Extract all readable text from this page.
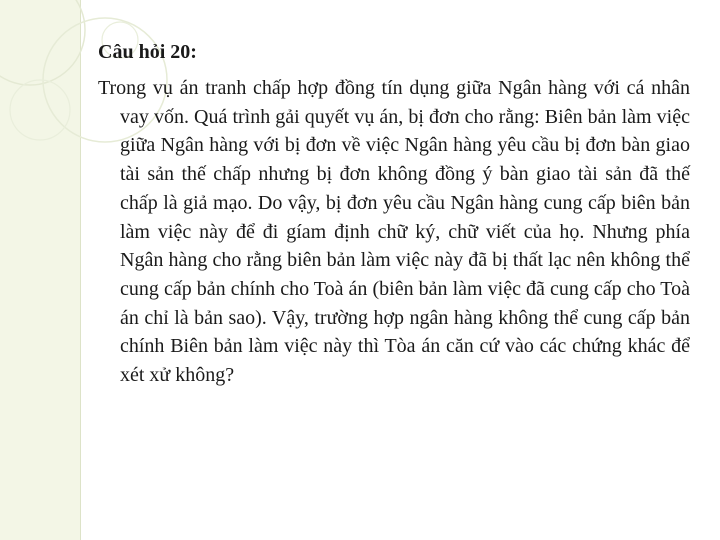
Câu hỏi 20:

Trong vụ án tranh chấp hợp đồng tín dụng giữa Ngân hàng với cá nhân vay vốn. Quá trình gải quyết vụ án, bị đơn cho rằng: Biên bản làm việc giữa Ngân hàng với bị đơn về việc Ngân hàng yêu cầu bị đơn bàn giao tài sản thế chấp nhưng bị đơn không đồng ý bàn giao tài sản đã thế chấp là giả mạo. Do vậy, bị đơn yêu cầu Ngân hàng cung cấp biên bản làm việc này để đi gíam định chữ ký, chữ viết của họ. Nhưng phía Ngân hàng cho rằng biên bản làm việc này đã bị thất lạc nên không thể cung cấp bản chính cho Toà án (biên bản làm việc đã cung cấp cho Toà án chỉ là bản sao). Vậy, trường hợp ngân hàng không thể cung cấp bản chính Biên bản làm việc này thì Tòa án căn cứ vào các chứng khác để xét xử không?
